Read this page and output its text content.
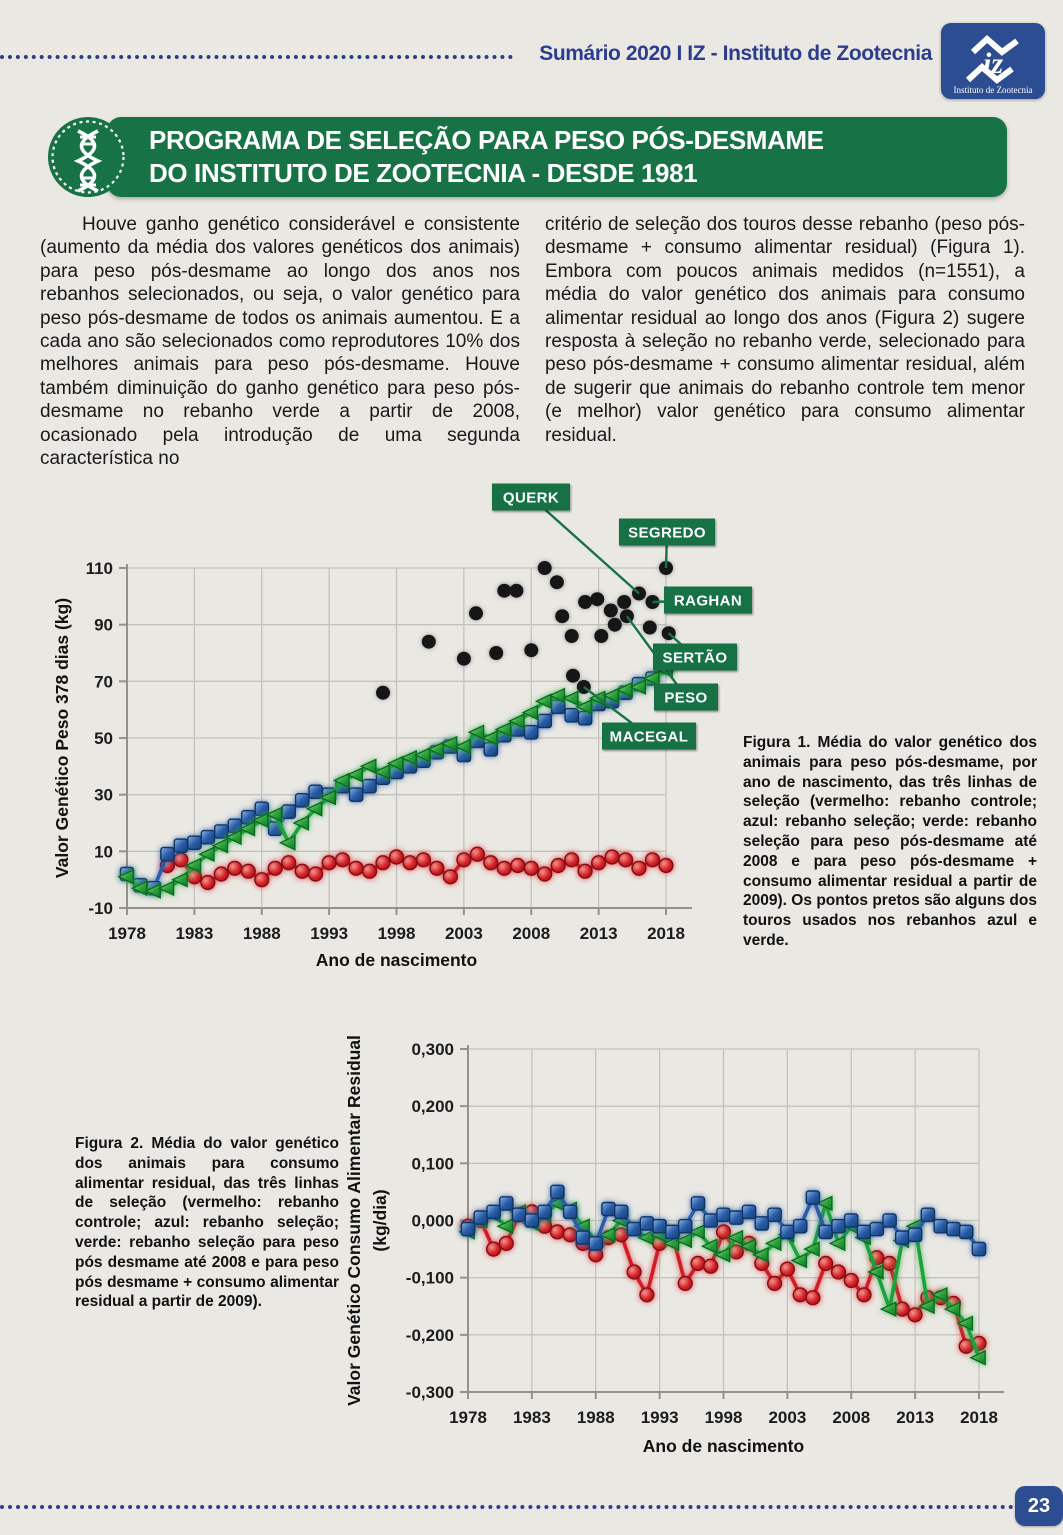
Sumário 2020 I IZ - Instituto de Zootecnia iz
Instituto de Zootecnia
PROGRAMA DE SELEÇÃO PARA PESO PÓS-DESMAME
DO INSTITUTO DE ZOOTECNIA - DESDE 1981

Houve ganho genético considerável e consistente (aumento da média dos valores genéticos dos animais) para peso pós-desmame ao longo dos anos nos rebanhos selecionados, ou seja, o valor genético para peso pós-desmame de todos os animais aumentou. E a cada ano são selecionados como reprodutores 10% dos melhores animais para peso pós-desmame. Houve também diminuição do ganho genético para peso pós-desmame no rebanho verde a partir de 2008, ocasionado pela introdução de uma segunda característica no

critério de seleção dos touros desse rebanho (peso pós-desmame + consumo alimentar residual) (Figura 1). Embora com poucos animais medidos (n=1551), a média do valor genético dos animais para consumo alimentar residual ao longo dos anos (Figura 2) sugere resposta à seleção no rebanho verde, selecionado para peso pós-desmame + consumo alimentar residual, além de sugerir que animais do rebanho controle tem menor (e melhor) valor genético para consumo alimentar residual.

110
90
70
50
30
10
-10
1978 1983 1988 1993 1998 2003 2008 2013 2018
Ano de nascimento
Valor Genético Peso 378 dias (kg)
QUERK
SEGREDO
RAGHAN
SERTÃO
PESO
MACEGAL	Figura 1. Média do valor genético dos animais para peso pós-desmame, por ano de nascimento, das três linhas de seleção (vermelho: rebanho controle; azul: rebanho seleção; verde: rebanho seleção para peso pós-desmame até 2008 e para peso pós-desmame + consumo alimentar residual a partir de 2009). Os pontos pretos são alguns dos touros usados nos rebanhos azul e verde.
Figura 2. Média do valor genético dos animais para consumo alimentar residual, das três linhas de seleção (vermelho: rebanho controle; azul: rebanho seleção; verde: rebanho seleção para peso pós desmame até 2008 e para peso pós desmame + consumo alimentar residual a partir de 2009).
0,300
0,200
0,100
0,000
-0,100
-0,200
-0,300
1978 1983 1988 1993 1998 2003 2008 2013 2018
Ano de nascimento
Valor Genético Consumo Alimentar Residual (kg/dia)
23
